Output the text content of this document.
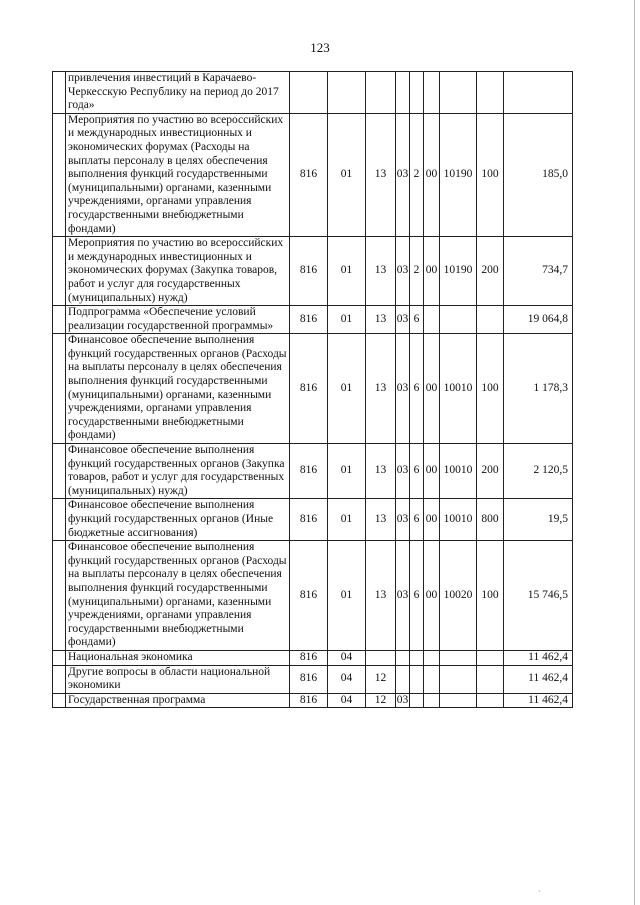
123
	привлечения инвестиций в Карачаево-Черкесскую Республику на период до 2017 года»									
	Мероприятия по участию во всероссийских и международных инвестиционных и экономических форумах (Расходы на выплаты персоналу в целях обеспечения выполнения функций государственными (муниципальными) органами, казенными учреждениями, органами управления государственными внебюджетными фондами)	816	01	13	03	2	00	10190	100	185,0
	Мероприятия по участию во всероссийских и международных инвестиционных и экономических форумах (Закупка товаров, работ и услуг для государственных (муниципальных) нужд)	816	01	13	03	2	00	10190	200	734,7
	Подпрограмма «Обеспечение условий реализации государственной программы»	816	01	13	03	6				19 064,8
	Финансовое обеспечение выполнения функций государственных органов (Расходы на выплаты персоналу в целях обеспечения выполнения функций государственными (муниципальными) органами, казенными учреждениями, органами управления государственными внебюджетными фондами)	816	01	13	03	6	00	10010	100	1 178,3
	Финансовое обеспечение выполнения функций государственных органов (Закупка товаров, работ и услуг для государственных (муниципальных) нужд)	816	01	13	03	6	00	10010	200	2 120,5
	Финансовое обеспечение выполнения функций государственных органов (Иные бюджетные ассигнования)	816	01	13	03	6	00	10010	800	19,5
	Финансовое обеспечение выполнения функций государственных органов (Расходы на выплаты персоналу в целях обеспечения выполнения функций государственными (муниципальными) органами, казенными учреждениями, органами управления государственными внебюджетными фондами)	816	01	13	03	6	00	10020	100	15 746,5
	Национальная экономика	816	04							11 462,4
	Другие вопросы в области национальной экономики	816	04	12						11 462,4
	Государственная программа	816	04	12	03					11 462,4
ˎ
